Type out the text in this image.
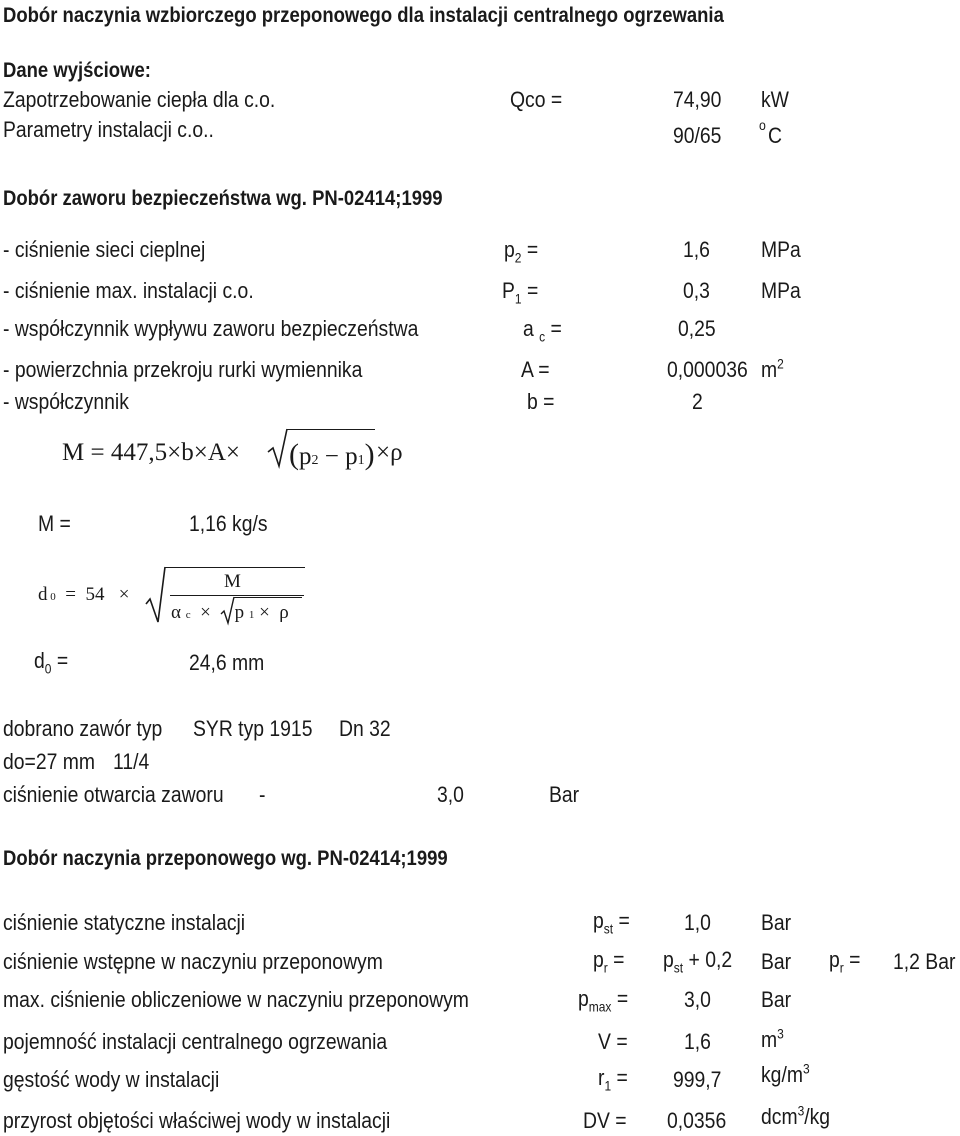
Dobór naczynia wzbiorczego przeponowego dla instalacji centralnego ogrzewania
Dane wyjściowe:
Zapotrzebowanie ciepła dla c.o.	Qco =	74,90 kW
Parametry instalacji c.o..	90/65	o C
Dobór zaworu bezpieczeństwa wg. PN-02414;1999
- ciśnienie sieci cieplnej	$p_2$ =	1,6 MPa
- ciśnienie max. instalacji c.o.	$P_1$ =	0,3 MPa
- współczynnik wypływu zaworu bezpieczeństwa	a $_c$ =	0,25
- powierzchnia przekroju rurki wymiennika	A =	0,000036 $m^2$
- współczynnik	b =	2
M = 447,5×b×A× (p2 − p1) ×ρ
M =	1,16 kg/s
d 0 = 54 ×
M
α c × p 1 × ρ
$d_0$ =	24,6 mm
dobrano zawór typ SYR typ 1915 Dn 32
do=27 mm 11/4
ciśnienie otwarcia zaworu -	3,0	Bar
Dobór naczynia przeponowego wg. PN-02414;1999
ciśnienie statyczne instalacji	$p_{st} = 1,0$ Bar
ciśnienie wstępne w naczyniu przeponowym	$p_r = p_{st} + 0,2$ Bar $p_r = 1,2$ Bar
max. ciśnienie obliczeniowe w naczyniu przeponowym	$p_{max}$ =	3,0 Bar
pojemność instalacji centralnego ogrzewania	V =	1,6 $m^3$
gęstość wody w instalacji	$r_1 = 999,7$ $kg/m^3$
przyrost objętości właściwej wody w instalacji	DV = 0,0356 dcm$^3$/kg
